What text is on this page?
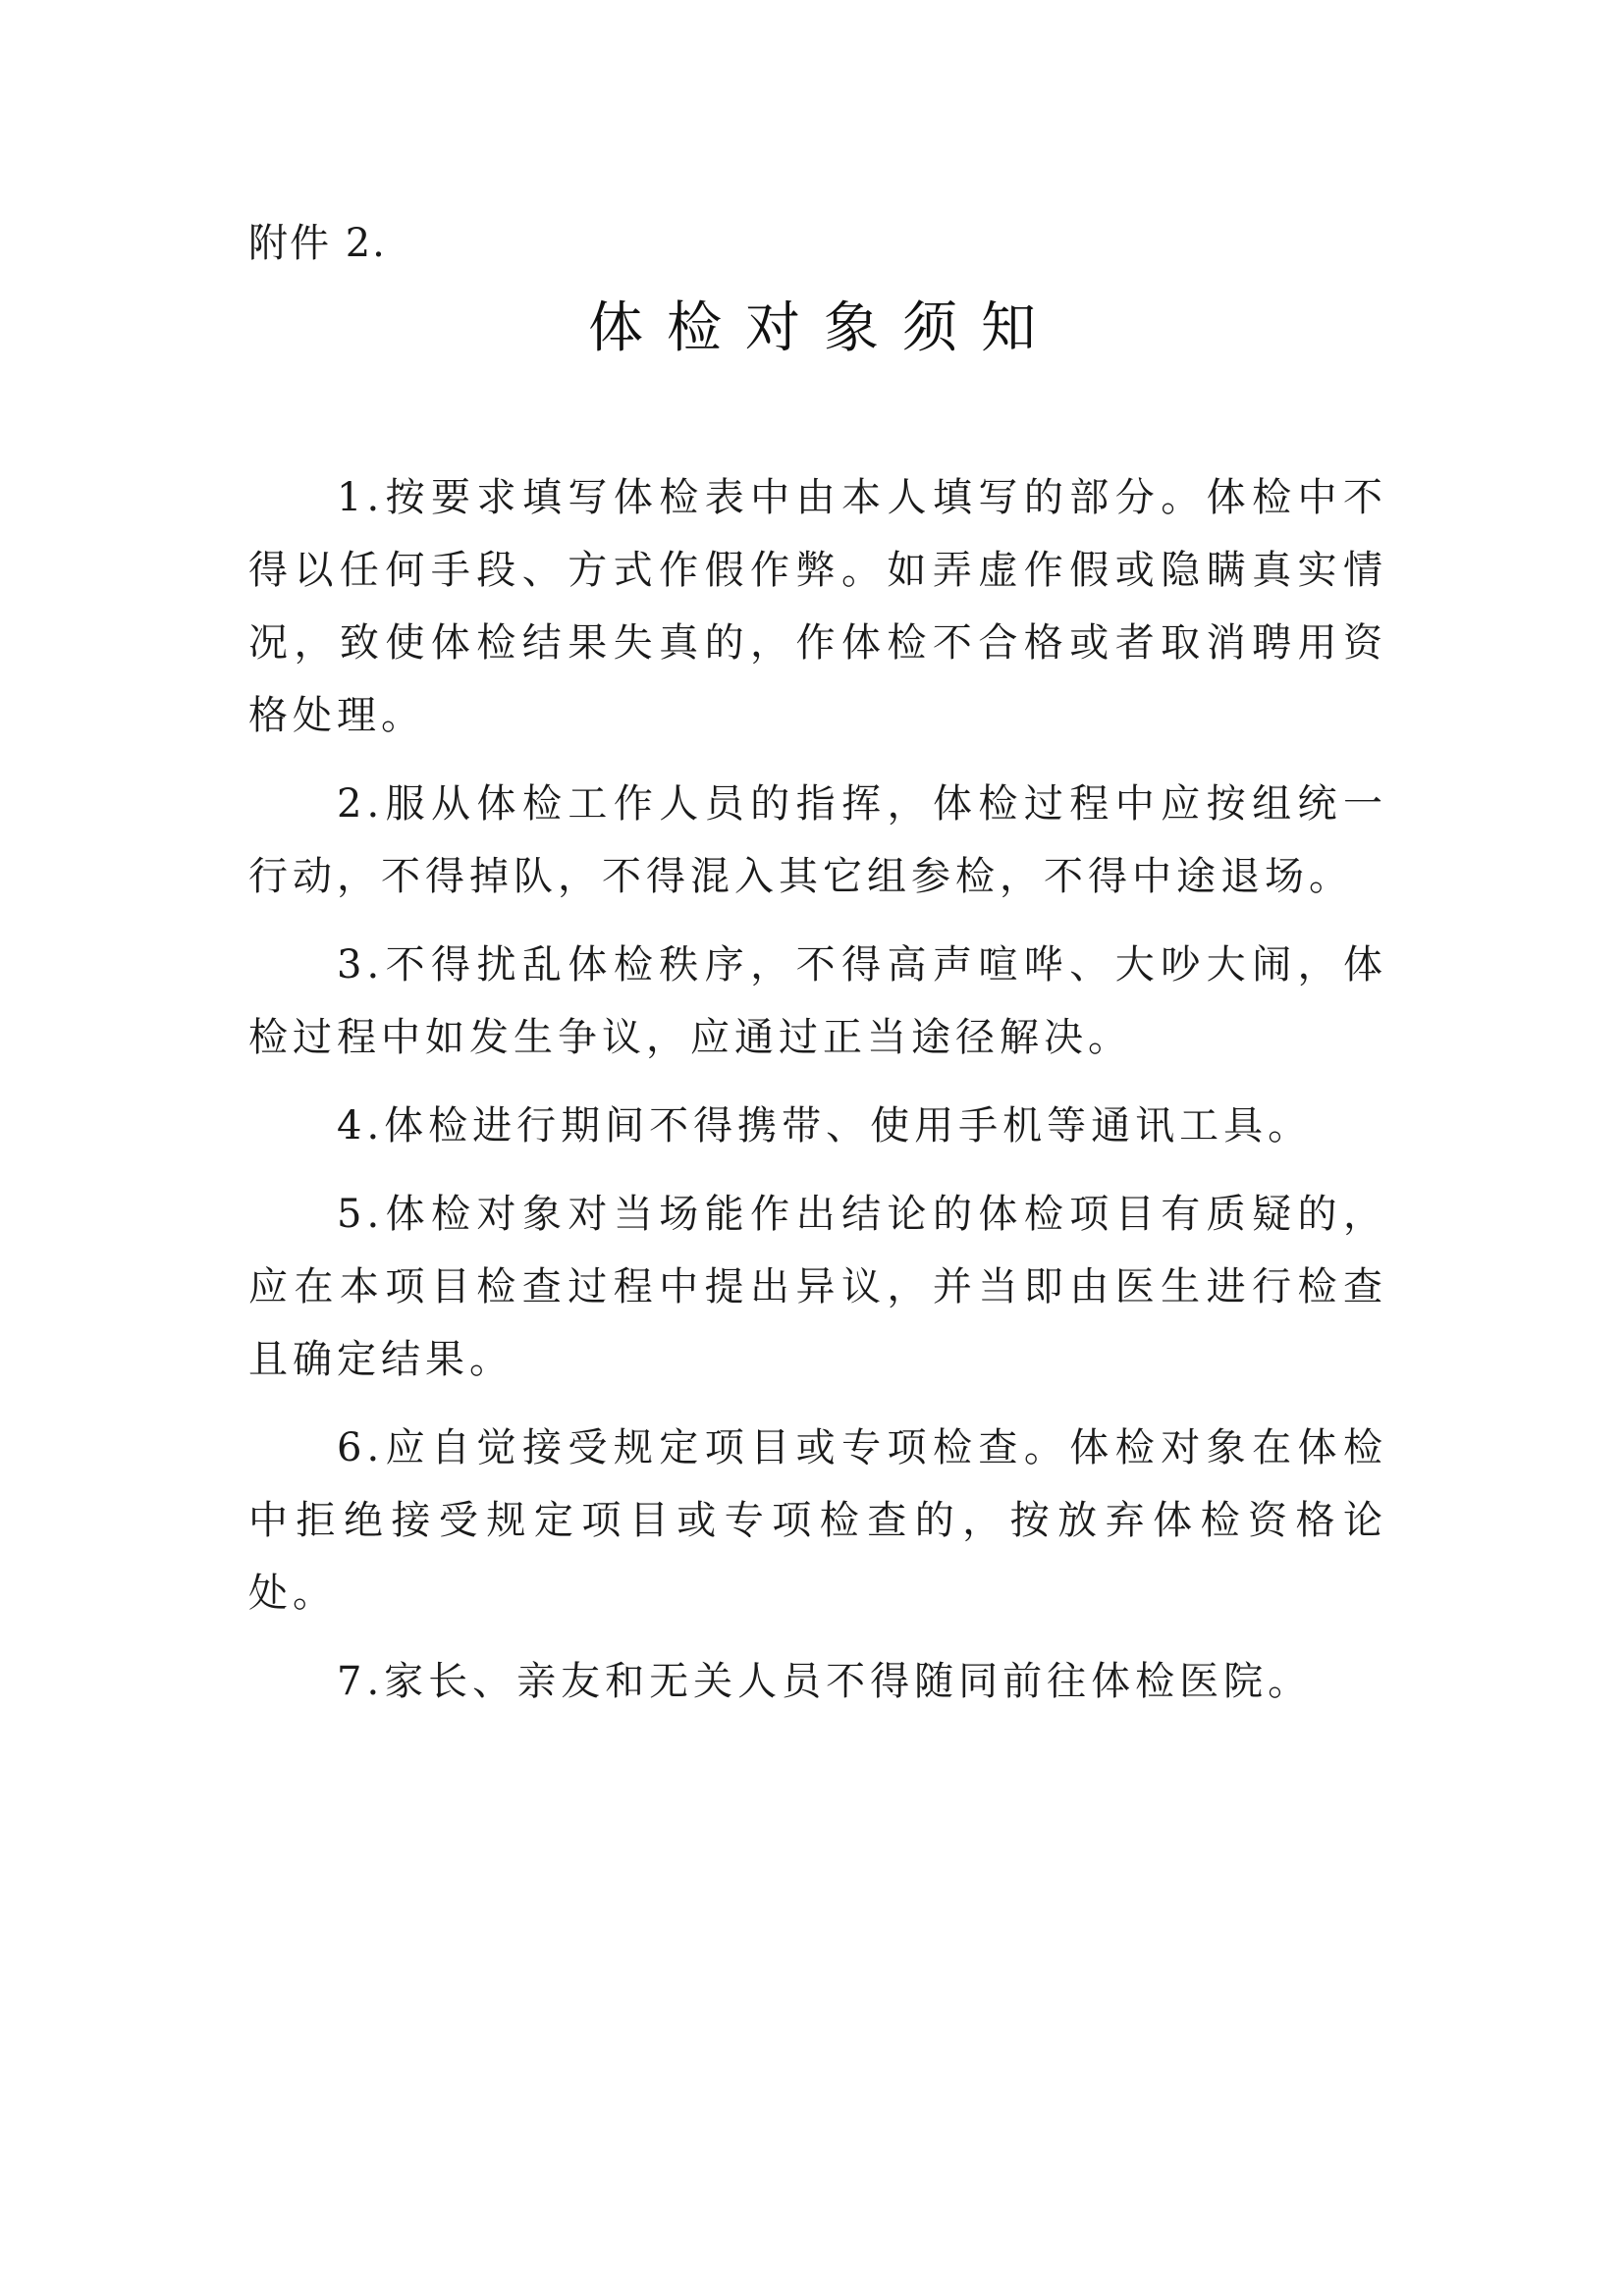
附件 2.
体检对象须知

1.按要求填写体检表中由本人填写的部分。体检中不得以任何手段、方式作假作弊。如弄虚作假或隐瞒真实情况，致使体检结果失真的，作体检不合格或者取消聘用资格处理。

2.服从体检工作人员的指挥，体检过程中应按组统一行动，不得掉队，不得混入其它组参检，不得中途退场。

3.不得扰乱体检秩序，不得高声喧哗、大吵大闹，体检过程中如发生争议，应通过正当途径解决。

4.体检进行期间不得携带、使用手机等通讯工具。

5.体检对象对当场能作出结论的体检项目有质疑的，应在本项目检查过程中提出异议，并当即由医生进行检查且确定结果。

6.应自觉接受规定项目或专项检查。体检对象在体检中拒绝接受规定项目或专项检查的，按放弃体检资格论处。

7.家长、亲友和无关人员不得随同前往体检医院。
